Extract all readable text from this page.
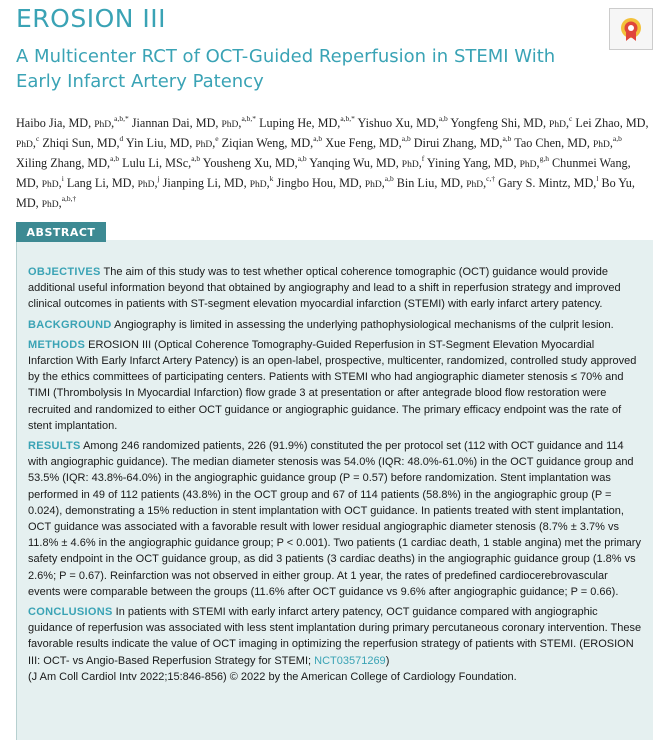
EROSION III
A Multicenter RCT of OCT-Guided Reperfusion in STEMI With Early Infarct Artery Patency
Haibo Jia, MD, PhD,$^{a,b,*}$ Jiannan Dai, MD, PhD,$^{a,b,*}$ Luping He, MD,$^{a,b,*}$ Yishuo Xu, MD,$^{a,b}$ Yongfeng Shi, MD, PhD,$^c$ Lei Zhao, MD, PhD,$^c$ Zhiqi Sun, MD,$^d$ Yin Liu, MD, PhD,$^e$ Ziqian Weng, MD,$^{a,b}$ Xue Feng, MD,$^{a,b}$ Dirui Zhang, MD,$^{a,b}$ Tao Chen, MD, PhD,$^{a,b}$ Xiling Zhang, MD,$^{a,b}$ Lulu Li, MSc,$^{a,b}$ Yousheng Xu, MD,$^{a,b}$ Yanqing Wu, MD, PhD,$^f$ Yining Yang, MD, PhD,$^{g,h}$ Chunmei Wang, MD, PhD,$^i$ Lang Li, MD, PhD,$^j$ Jianping Li, MD, PhD,$^k$ Jingbo Hou, MD, PhD,$^{a,b}$ Bin Liu, MD, PhD,$^{c,\dagger}$ Gary S. Mintz, MD,$^l$ Bo Yu, MD, PhD,$^{a,b,\dagger}$
ABSTRACT

OBJECTIVES The aim of this study was to test whether optical coherence tomographic (OCT) guidance would provide additional useful information beyond that obtained by angiography and lead to a shift in reperfusion strategy and improved clinical outcomes in patients with ST-segment elevation myocardial infarction (STEMI) with early infarct artery patency.

BACKGROUND Angiography is limited in assessing the underlying pathophysiological mechanisms of the culprit lesion.

METHODS EROSION III (Optical Coherence Tomography-Guided Reperfusion in ST-Segment Elevation Myocardial Infarction With Early Infarct Artery Patency) is an open-label, prospective, multicenter, randomized, controlled study approved by the ethics committees of participating centers. Patients with STEMI who had angiographic diameter stenosis ≤ 70% and TIMI (Thrombolysis In Myocardial Infarction) flow grade 3 at presentation or after antegrade blood flow restoration were recruited and randomized to either OCT guidance or angiographic guidance. The primary efficacy endpoint was the rate of stent implantation.

RESULTS Among 246 randomized patients, 226 (91.9%) constituted the per protocol set (112 with OCT guidance and 114 with angiographic guidance). The median diameter stenosis was 54.0% (IQR: 48.0%-61.0%) in the OCT guidance group and 53.5% (IQR: 43.8%-64.0%) in the angiographic guidance group (P = 0.57) before randomization. Stent implantation was performed in 49 of 112 patients (43.8%) in the OCT group and 67 of 114 patients (58.8%) in the angiographic group (P = 0.024), demonstrating a 15% reduction in stent implantation with OCT guidance. In patients treated with stent implantation, OCT guidance was associated with a favorable result with lower residual angiographic diameter stenosis (8.7% ± 3.7% vs 11.8% ± 4.6% in the angiographic guidance group; P < 0.001). Two patients (1 cardiac death, 1 stable angina) met the primary safety endpoint in the OCT guidance group, as did 3 patients (3 cardiac deaths) in the angiographic guidance group (1.8% vs 2.6%; P = 0.67). Reinfarction was not observed in either group. At 1 year, the rates of predefined cardiocerebrovascular events were comparable between the groups (11.6% after OCT guidance vs 9.6% after angiographic guidance; P = 0.66).

CONCLUSIONS In patients with STEMI with early infarct artery patency, OCT guidance compared with angiographic guidance of reperfusion was associated with less stent implantation during primary percutaneous coronary intervention. These favorable results indicate the value of OCT imaging in optimizing the reperfusion strategy of patients with STEMI. (EROSION III: OCT- vs Angio-Based Reperfusion Strategy for STEMI; NCT03571269)

(J Am Coll Cardiol Intv 2022;15:846-856) © 2022 by the American College of Cardiology Foundation.
